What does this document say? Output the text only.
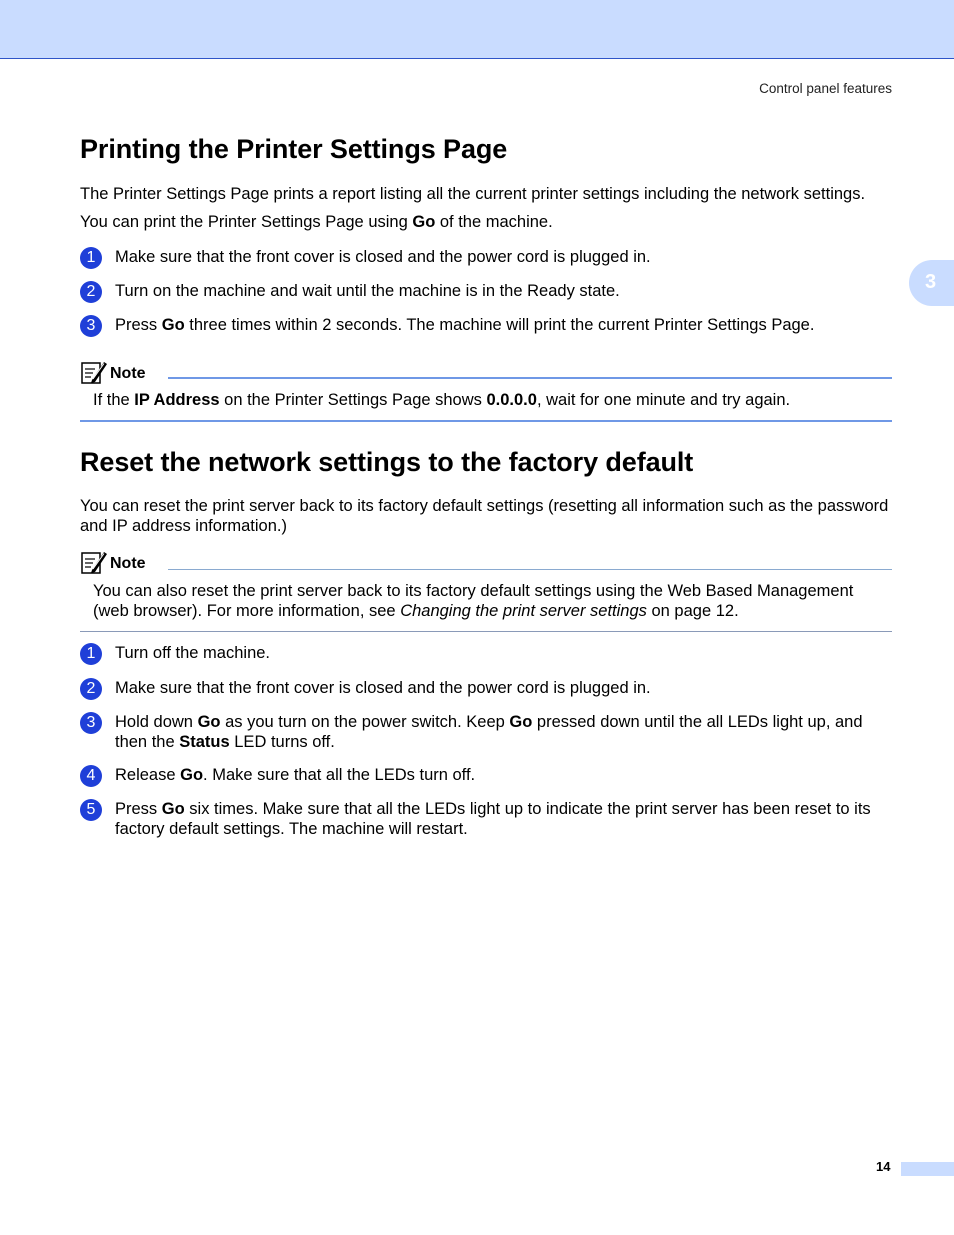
Control panel features
3
Printing the Printer Settings Page

The Printer Settings Page prints a report listing all the current printer settings including the network settings.

You can print the Printer Settings Page using Go of the machine.

1	Make sure that the front cover is closed and the power cord is plugged in.
2	Turn on the machine and wait until the machine is in the Ready state.
3	Press Go three times within 2 seconds. The machine will print the current Printer Settings Page.
Note
If the IP Address on the Printer Settings Page shows 0.0.0.0, wait for one minute and try again.
Reset the network settings to the factory default

You can reset the print server back to its factory default settings (resetting all information such as the password and IP address information.)

Note
You can also reset the print server back to its factory default settings using the Web Based Management (web browser). For more information, see Changing the print server settings on page 12.
1	Turn off the machine.
2	Make sure that the front cover is closed and the power cord is plugged in.
3	Hold down Go as you turn on the power switch. Keep Go pressed down until the all LEDs light up, and then the Status LED turns off.
4	Release Go. Make sure that all the LEDs turn off.
5	Press Go six times. Make sure that all the LEDs light up to indicate the print server has been reset to its factory default settings. The machine will restart.
14
